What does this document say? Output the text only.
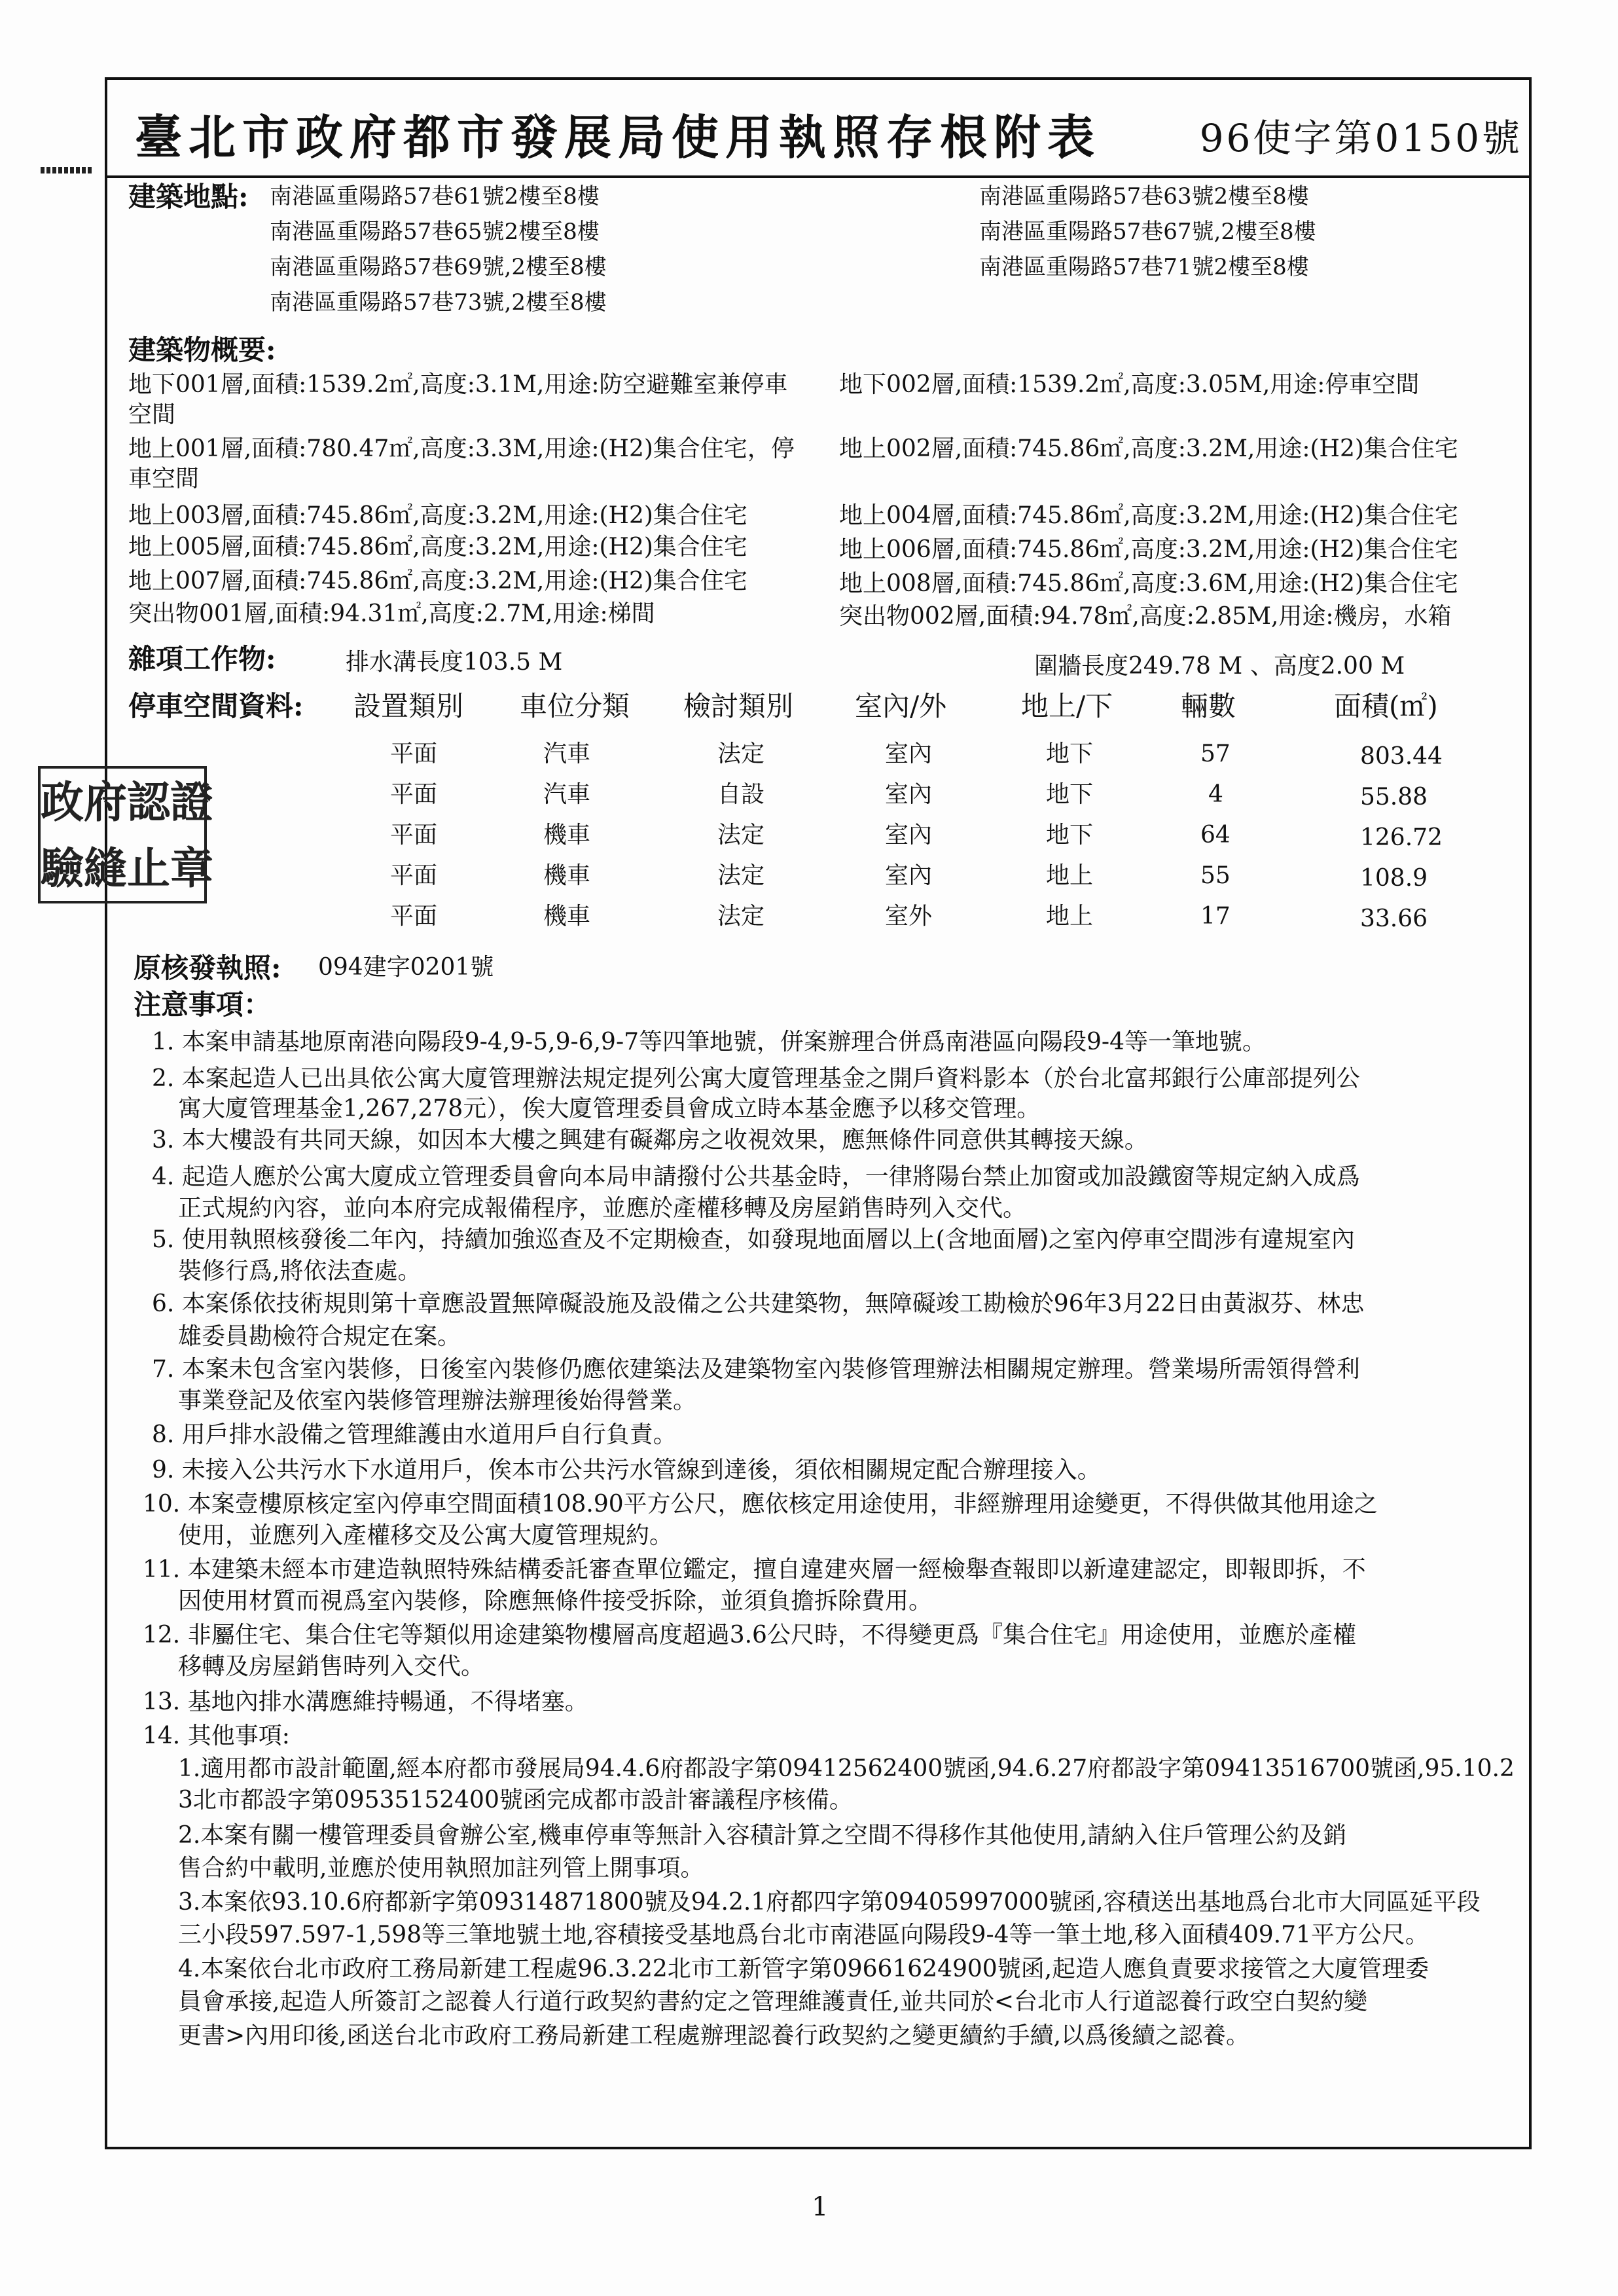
臺北市政府都市發展局使用執照存根附表	96使字第0150號
政 府 認 證
驗 縫 止 章
建築地點: 南港區重陽路57巷61號2樓至8樓	南港區重陽路57巷63號2樓至8樓
南港區重陽路57巷65號2樓至8樓	南港區重陽路57巷67號,2樓至8樓
南港區重陽路57巷69號,2樓至8樓	南港區重陽路57巷71號2樓至8樓
南港區重陽路57巷73號,2樓至8樓
建築物概要:
地下001層,面積:1539.2㎡,高度:3.1M,用途:防空避難室兼停車
空間
地下002層,面積:1539.2㎡,高度:3.05M,用途:停車空間
地上001層,面積:780.47㎡,高度:3.3M,用途:(H2)集合住宅，停
車空間
地上002層,面積:745.86㎡,高度:3.2M,用途:(H2)集合住宅
地上003層,面積:745.86㎡,高度:3.2M,用途:(H2)集合住宅	地上004層,面積:745.86㎡,高度:3.2M,用途:(H2)集合住宅
地上005層,面積:745.86㎡,高度:3.2M,用途:(H2)集合住宅	地上006層,面積:745.86㎡,高度:3.2M,用途:(H2)集合住宅
地上007層,面積:745.86㎡,高度:3.2M,用途:(H2)集合住宅	地上008層,面積:745.86㎡,高度:3.6M,用途:(H2)集合住宅
突出物001層,面積:94.31㎡,高度:2.7M,用途:梯間	突出物002層,面積:94.78㎡,高度:2.85M,用途:機房，水箱
雜項工作物:	排水溝長度103.5 M	圍牆長度249.78 M 、高度2.00 M
停車空間資料: 設置類別 車位分類 檢討類別 室內/外	地上/下 輛數	面積(㎡)
平面	汽車	法定	室內	地下	57	803.44
平面	汽車	自設	室內	地下	4	55.88
平面	機車	法定	室內	地下	64	126.72
平面	機車	法定	室內	地上	55	108.9
平面	機車	法定	室外	地上	17	33.66
原核發執照: 094建字0201號
注意事項：
1. 本案申請基地原南港向陽段9-4,9-5,9-6,9-7等四筆地號，併案辦理合併爲南港區向陽段9-4等一筆地號。
2. 本案起造人已出具依公寓大廈管理辦法規定提列公寓大廈管理基金之開戶資料影本（於台北富邦銀行公庫部提列公
寓大廈管理基金1,267,278元），俟大廈管理委員會成立時本基金應予以移交管理。
3. 本大樓設有共同天線，如因本大樓之興建有礙鄰房之收視效果，應無條件同意供其轉接天線。
4. 起造人應於公寓大廈成立管理委員會向本局申請撥付公共基金時，一律將陽台禁止加窗或加設鐵窗等規定納入成爲
正式規約內容，並向本府完成報備程序，並應於產權移轉及房屋銷售時列入交代。
5. 使用執照核發後二年內，持續加強巡查及不定期檢查，如發現地面層以上(含地面層)之室內停車空間涉有違規室內
裝修行爲,將依法查處。
6. 本案係依技術規則第十章應設置無障礙設施及設備之公共建築物，無障礙竣工勘檢於96年3月22日由黃淑芬、林忠
雄委員勘檢符合規定在案。
7. 本案未包含室內裝修，日後室內裝修仍應依建築法及建築物室內裝修管理辦法相關規定辦理。營業場所需領得營利
事業登記及依室內裝修管理辦法辦理後始得營業。
8. 用戶排水設備之管理維護由水道用戶自行負責。
9. 未接入公共污水下水道用戶，俟本市公共污水管線到達後，須依相關規定配合辦理接入。
10. 本案壹樓原核定室內停車空間面積108.90平方公尺，應依核定用途使用，非經辦理用途變更，不得供做其他用途之
使用，並應列入產權移交及公寓大廈管理規約。
11. 本建築未經本市建造執照特殊結構委託審查單位鑑定，擅自違建夾層一經檢舉查報即以新違建認定，即報即拆，不
因使用材質而視爲室內裝修，除應無條件接受拆除，並須負擔拆除費用。
12. 非屬住宅、集合住宅等類似用途建築物樓層高度超過3.6公尺時，不得變更爲『集合住宅』用途使用，並應於產權
移轉及房屋銷售時列入交代。
13. 基地內排水溝應維持暢通，不得堵塞。
14. 其他事項:
1.適用都市設計範圍,經本府都市發展局94.4.6府都設字第09412562400號函,94.6.27府都設字第09413516700號函,95.10.2
3北市都設字第09535152400號函完成都市設計審議程序核備。
2.本案有關一樓管理委員會辦公室,機車停車等無計入容積計算之空間不得移作其他使用,請納入住戶管理公約及銷
售合約中載明,並應於使用執照加註列管上開事項。
3.本案依93.10.6府都新字第09314871800號及94.2.1府都四字第09405997000號函,容積送出基地爲台北市大同區延平段
三小段597.597-1,598等三筆地號土地,容積接受基地爲台北市南港區向陽段9-4等一筆土地,移入面積409.71平方公尺。
4.本案依台北市政府工務局新建工程處96.3.22北市工新管字第09661624900號函,起造人應負責要求接管之大廈管理委
員會承接,起造人所簽訂之認養人行道行政契約書約定之管理維護責任,並共同於<台北市人行道認養行政空白契約變
更書>內用印後,函送台北市政府工務局新建工程處辦理認養行政契約之變更續約手續,以爲後續之認養。
1
